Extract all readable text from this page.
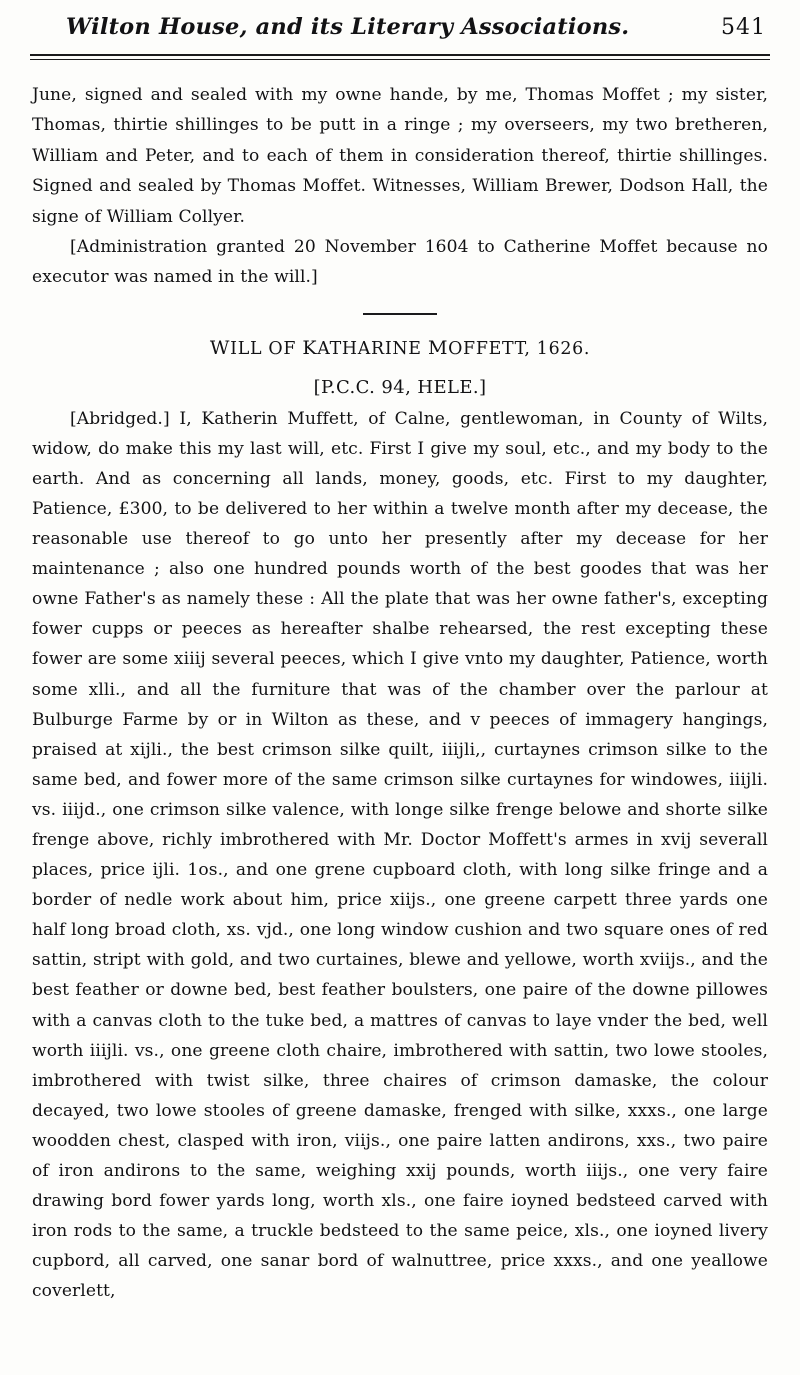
Wilton House, and its Literary Associations.	541

June, signed and sealed with my owne hande, by me, Thomas Moffet ; my sister, Thomas, thirtie shillinges to be putt in a ringe ; my overseers, my two bretheren, William and Peter, and to each of them in consideration thereof, thirtie shillinges. Signed and sealed by Thomas Moffet. Witnesses, William Brewer, Dodson Hall, the signe of William Collyer.

[Administration granted 20 November 1604 to Catherine Moffet because no executor was named in the will.]

WILL OF KATHARINE MOFFETT, 1626.
[P.C.C. 94, HELE.]

[Abridged.] I, Katherin Muffett, of Calne, gentlewoman, in County of Wilts, widow, do make this my last will, etc. First I give my soul, etc., and my body to the earth. And as concerning all lands, money, goods, etc. First to my daughter, Patience, £300, to be delivered to her within a twelve month after my decease, the reasonable use thereof to go unto her presently after my decease for her maintenance ; also one hundred pounds worth of the best goodes that was her owne Father's as namely these : All the plate that was her owne father's, excepting fower cupps or peeces as hereafter shalbe rehearsed, the rest excepting these fower are some xiiij several peeces, which I give vnto my daughter, Patience, worth some xlli., and all the furniture that was of the chamber over the parlour at Bulburge Farme by or in Wilton as these, and v peeces of immagery hangings, praised at xijli., the best crimson silke quilt, iiijli,, curtaynes crimson silke to the same bed, and fower more of the same crimson silke curtaynes for windowes, iiijli. vs. iiijd., one crimson silke valence, with longe silke frenge belowe and shorte silke frenge above, richly imbrothered with Mr. Doctor Moffett's armes in xvij severall places, price ijli. 1os., and one grene cupboard cloth, with long silke fringe and a border of nedle work about him, price xiijs., one greene carpett three yards one half long broad cloth, xs. vjd., one long window cushion and two square ones of red sattin, stript with gold, and two curtaines, blewe and yellowe, worth xviijs., and the best feather or downe bed, best feather boulsters, one paire of the downe pillowes with a canvas cloth to the tuke bed, a mattres of canvas to laye vnder the bed, well worth iiijli. vs., one greene cloth chaire, imbrothered with sattin, two lowe stooles, imbrothered with twist silke, three chaires of crimson damaske, the colour decayed, two lowe stooles of greene damaske, frenged with silke, xxxs., one large woodden chest, clasped with iron, viijs., one paire latten andirons, xxs., two paire of iron andirons to the same, weighing xxij pounds, worth iiijs., one very faire drawing bord fower yards long, worth xls., one faire ioyned bedsteed carved with iron rods to the same, a truckle bedsteed to the same peice, xls., one ioyned livery cupbord, all carved, one sanar bord of walnuttree, price xxxs., and one yeallowe coverlett,
